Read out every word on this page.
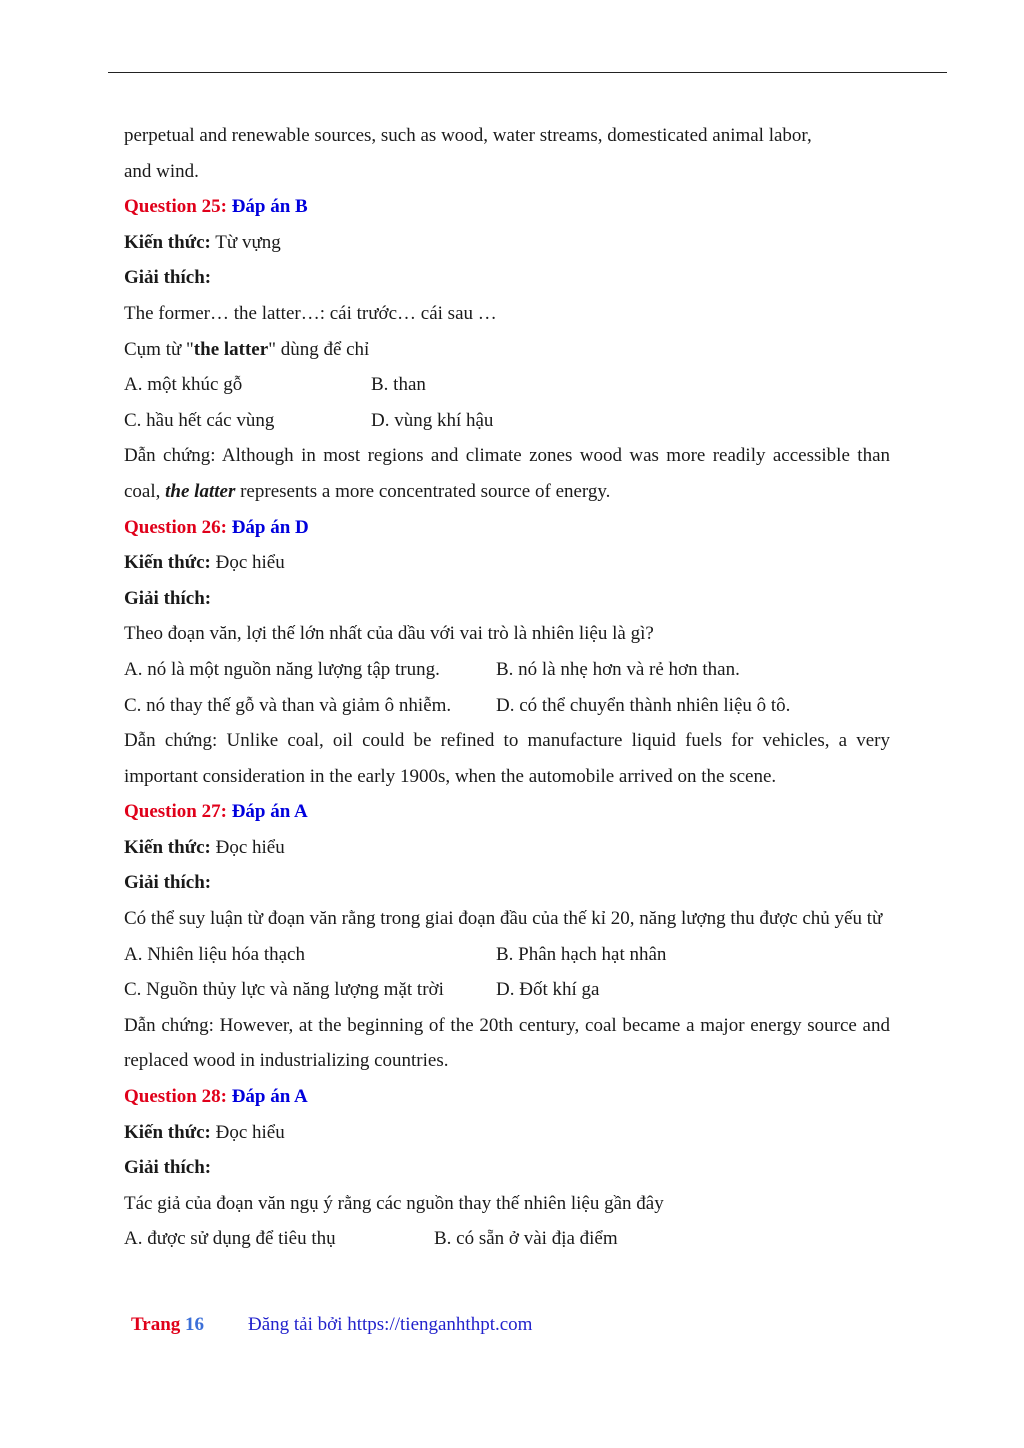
perpetual and renewable sources, such as wood, water streams, domesticated animal labor,
and wind.
Question 25: Đáp án B
Kiến thức: Từ vựng
Giải thích:
The former… the latter…: cái trước… cái sau …
Cụm từ "the latter" dùng để chỉ
A. một khúc gỗ	B. than
C. hầu hết các vùng	D. vùng khí hậu
Dẫn chứng: Although in most regions and climate zones wood was more readily accessible than coal, the latter represents a more concentrated source of energy.
Question 26: Đáp án D
Kiến thức: Đọc hiểu
Giải thích:
Theo đoạn văn, lợi thế lớn nhất của dầu với vai trò là nhiên liệu là gì?
A. nó là một nguồn năng lượng tập trung.	B. nó là nhẹ hơn và rẻ hơn than.
C. nó thay thế gỗ và than và giảm ô nhiễm.	D. có thể chuyển thành nhiên liệu ô tô.
Dẫn chứng: Unlike coal, oil could be refined to manufacture liquid fuels for vehicles, a very important consideration in the early 1900s, when the automobile arrived on the scene.
Question 27: Đáp án A
Kiến thức: Đọc hiểu
Giải thích:
Có thể suy luận từ đoạn văn rằng trong giai đoạn đầu của thế kỉ 20, năng lượng thu được chủ yếu từ
A. Nhiên liệu hóa thạch	B. Phân hạch hạt nhân
C. Nguồn thủy lực và năng lượng mặt trời	D. Đốt khí ga
Dẫn chứng: However, at the beginning of the 20th century, coal became a major energy source and replaced wood in industrializing countries.
Question 28: Đáp án A
Kiến thức: Đọc hiểu
Giải thích:
Tác giả của đoạn văn ngụ ý rằng các nguồn thay thế nhiên liệu gần đây
A. được sử dụng để tiêu thụ	B. có sẵn ở vài địa điểm
Trang 16 Đăng tải bởi https://tienganhthpt.com
